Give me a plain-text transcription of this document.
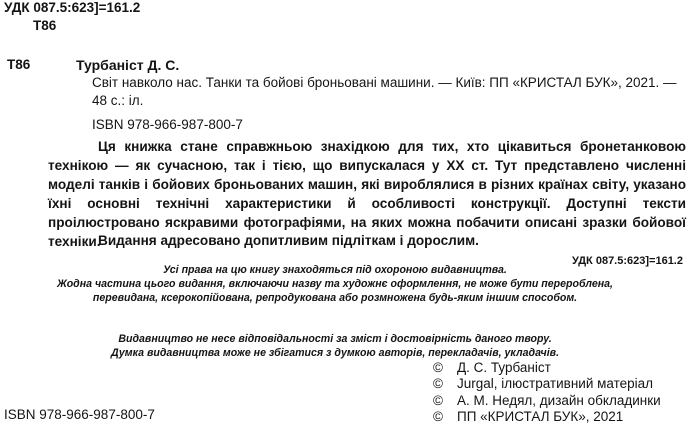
УДК 087.5:623]=161.2
Т86
Т86	Турбаніст Д. С.
Світ навколо нас. Танки та бойові броньовані машини. — Київ: ПП «КРИСТАЛ БУК», 2021. —
48 с.: іл.
ISBN 978-966-987-800-7

Ця книжка стане справжньою знахідкою для тих, хто цікавиться бронетанковою технікою — як сучасною, так і тією, що випускалася у ХХ ст. Тут представлено численні моделі танків і бойових броньованих машин, які вироблялися в різних країнах світу, указано їхні основні технічні характеристики й особливості конструкції. Доступні тексти проілюстровано яскравими фотографіями, на яких можна побачити описані зразки бойової техніки.

Видання адресовано допитливим підліткам і дорослим.

УДК 087.5:623]=161.2

Усі права на цю книгу знаходяться під охороною видавництва.
Жодна частина цього видання, включаючи назву та художнє оформлення, не може бути перероблена,
перевидана, ксерокопійована, репродукована або розмножена будь-яким іншим способом.

Видавництво не несе відповідальності за зміст і достовірність даного твору.
Думка видавництва може не збігатися з думкою авторів, перекладачів, укладачів.

© Д. С. Турбаніст
© Jurgal, ілюстративний матеріал
© А. М. Недял, дизайн обкладинки
© ПП «КРИСТАЛ БУК», 2021
ISBN 978-966-987-800-7
